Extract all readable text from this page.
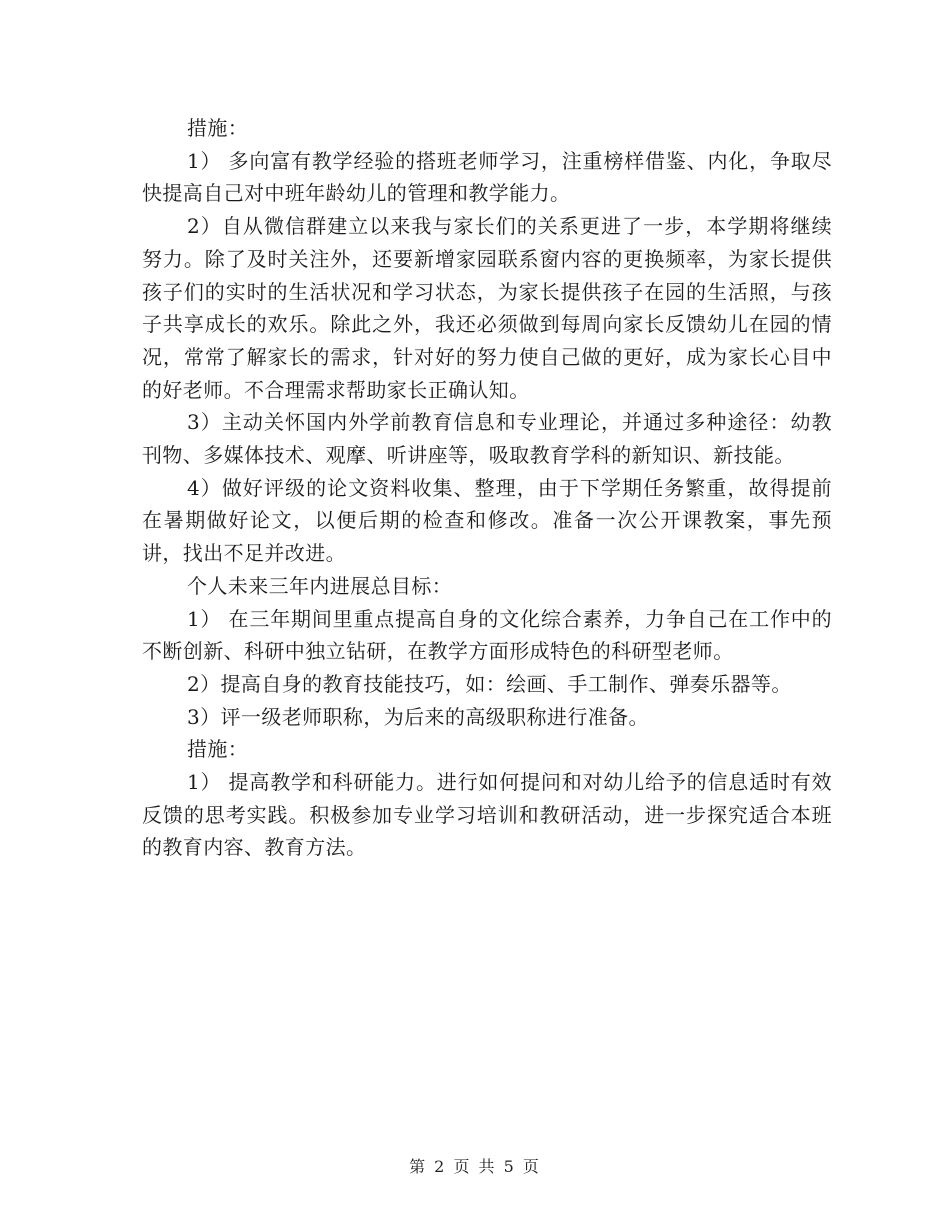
措施：

1） 多向富有教学经验的搭班老师学习，注重榜样借鉴、内化，争取尽快提高自己对中班年龄幼儿的管理和教学能力。

2）自从微信群建立以来我与家长们的关系更进了一步，本学期将继续努力。除了及时关注外，还要新增家园联系窗内容的更换频率，为家长提供孩子们的实时的生活状况和学习状态，为家长提供孩子在园的生活照，与孩子共享成长的欢乐。除此之外，我还必须做到每周向家长反馈幼儿在园的情况，常常了解家长的需求，针对好的努力使自己做的更好，成为家长心目中的好老师。不合理需求帮助家长正确认知。

3）主动关怀国内外学前教育信息和专业理论，并通过多种途径：幼教刊物、多媒体技术、观摩、听讲座等，吸取教育学科的新知识、新技能。

4）做好评级的论文资料收集、整理，由于下学期任务繁重，故得提前在暑期做好论文，以便后期的检查和修改。准备一次公开课教案，事先预讲，找出不足并改进。

个人未来三年内进展总目标：

1） 在三年期间里重点提高自身的文化综合素养，力争自己在工作中的不断创新、科研中独立钻研，在教学方面形成特色的科研型老师。

2）提高自身的教育技能技巧，如：绘画、手工制作、弹奏乐器等。

3）评一级老师职称，为后来的高级职称进行准备。

措施：

1） 提高教学和科研能力。进行如何提问和对幼儿给予的信息适时有效反馈的思考实践。积极参加专业学习培训和教研活动，进一步探究适合本班的教育内容、教育方法。

第 2 页 共 5 页
